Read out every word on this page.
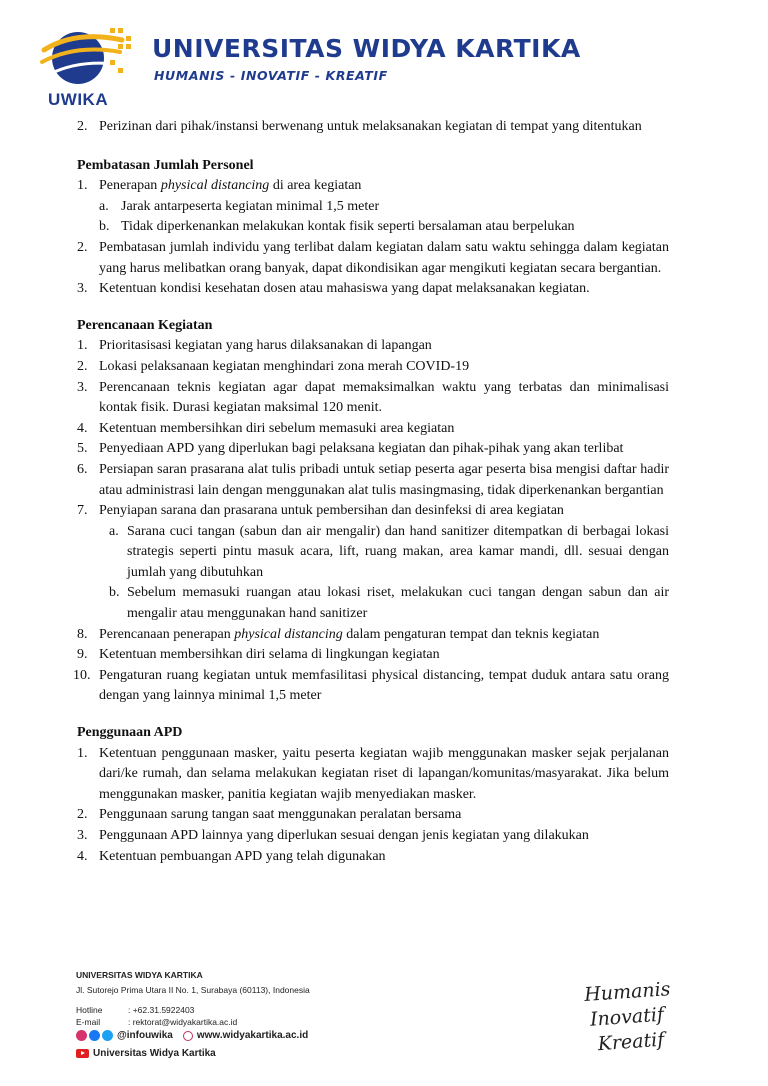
UWIKA
UNIVERSITAS WIDYA KARTIKA
HUMANIS - INOVATIF - KREATIF
2. Perizinan dari pihak/instansi berwenang untuk melaksanakan kegiatan di tempat yang ditentukan

Pembatasan Jumlah Personel

1. Penerapan physical distancing di area kegiatan
a. Jarak antarpeserta kegiatan minimal 1,5 meter
b. Tidak diperkenankan melakukan kontak fisik seperti bersalaman atau berpelukan
2. Pembatasan jumlah individu yang terlibat dalam kegiatan dalam satu waktu sehingga dalam kegiatan yang harus melibatkan orang banyak, dapat dikondisikan agar mengikuti kegiatan secara bergantian.
3. Ketentuan kondisi kesehatan dosen atau mahasiswa yang dapat melaksanakan kegiatan.

Perencanaan Kegiatan

1. Prioritasisasi kegiatan yang harus dilaksanakan di lapangan
2. Lokasi pelaksanaan kegiatan menghindari zona merah COVID-19
3. Perencanaan teknis kegiatan agar dapat memaksimalkan waktu yang terbatas dan minimalisasi kontak fisik. Durasi kegiatan maksimal 120 menit.
4. Ketentuan membersihkan diri sebelum memasuki area kegiatan
5. Penyediaan APD yang diperlukan bagi pelaksana kegiatan dan pihak-pihak yang akan terlibat
6. Persiapan saran prasarana alat tulis pribadi untuk setiap peserta agar peserta bisa mengisi daftar hadir atau administrasi lain dengan menggunakan alat tulis masingmasing, tidak diperkenankan bergantian
7. Penyiapan sarana dan prasarana untuk pembersihan dan desinfeksi di area kegiatan
a. Sarana cuci tangan (sabun dan air mengalir) dan hand sanitizer ditempatkan di berbagai lokasi strategis seperti pintu masuk acara, lift, ruang makan, area kamar mandi, dll. sesuai dengan jumlah yang dibutuhkan
b. Sebelum memasuki ruangan atau lokasi riset, melakukan cuci tangan dengan sabun dan air mengalir atau menggunakan hand sanitizer
8. Perencanaan penerapan physical distancing dalam pengaturan tempat dan teknis kegiatan
9. Ketentuan membersihkan diri selama di lingkungan kegiatan
10. Pengaturan ruang kegiatan untuk memfasilitasi physical distancing, tempat duduk antara satu orang dengan yang lainnya minimal 1,5 meter

Penggunaan APD

1. Ketentuan penggunaan masker, yaitu peserta kegiatan wajib menggunakan masker sejak perjalanan dari/ke rumah, dan selama melakukan kegiatan riset di lapangan/komunitas/masyarakat. Jika belum menggunakan masker, panitia kegiatan wajib menyediakan masker.
2. Penggunaan sarung tangan saat menggunakan peralatan bersama
3. Penggunaan APD lainnya yang diperlukan sesuai dengan jenis kegiatan yang dilakukan
4. Ketentuan pembuangan APD yang telah digunakan
UNIVERSITAS WIDYA KARTIKA
Jl. Sutorejo Prima Utara II No. 1, Surabaya (60113), Indonesia
Hotline	: +62.31.5922403
E-mail	: rektorat@widyakartika.ac.id
@infouwika www.widyakartika.ac.id
Universitas Widya Kartika
Humanis
Inovatif
Kreatif
